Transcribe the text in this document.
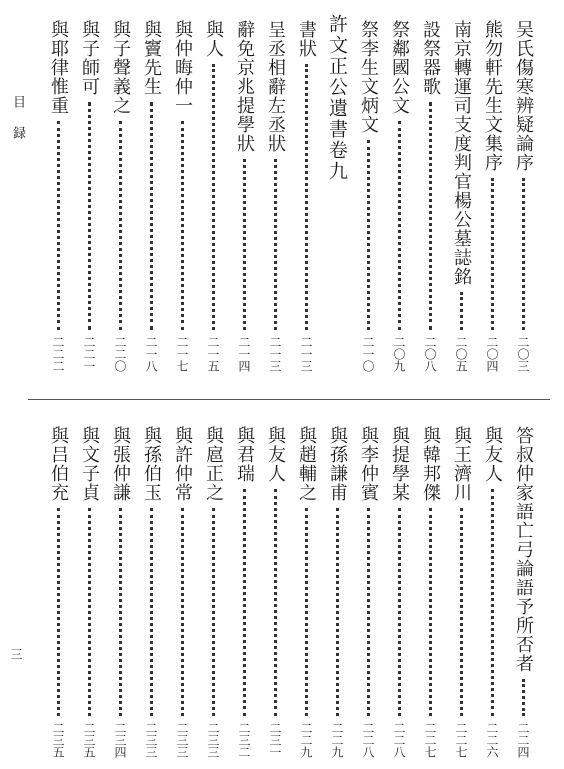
吴氏傷寒辨疑論序
二〇三
熊勿軒先生文集序
二〇四
南京轉運司支度判官楊公墓誌銘
二〇五
設祭器歌
二〇八
祭鄰國公文
二〇九
祭李生文炳文
二一〇
許文正公遺書卷九
書狀
二一三
呈丞相辭左丞狀
二一三
辭免京兆提學狀
二一四
與人
二一五
與仲晦仲一
二一七
與竇先生
二一八
與子聲義之
二二〇
與子師可
二二一
與耶律惟重
二二二
答叔仲家語亡弓論語予所否者
二二四
與友人
二二六
與王濟川
二二七
與韓邦傑
二二七
與提學某
二二八
與李仲賓
二二八
與孫謙甫
二二九
與趙輔之
二二九
與友人
二三一
與君瑞
二三二
與扈正之
二三三
與許仲常
二三三
與孫伯玉
二三三
與張仲謙
二三四
與文子貞
二三五
與吕伯充
二三五
目録
三
